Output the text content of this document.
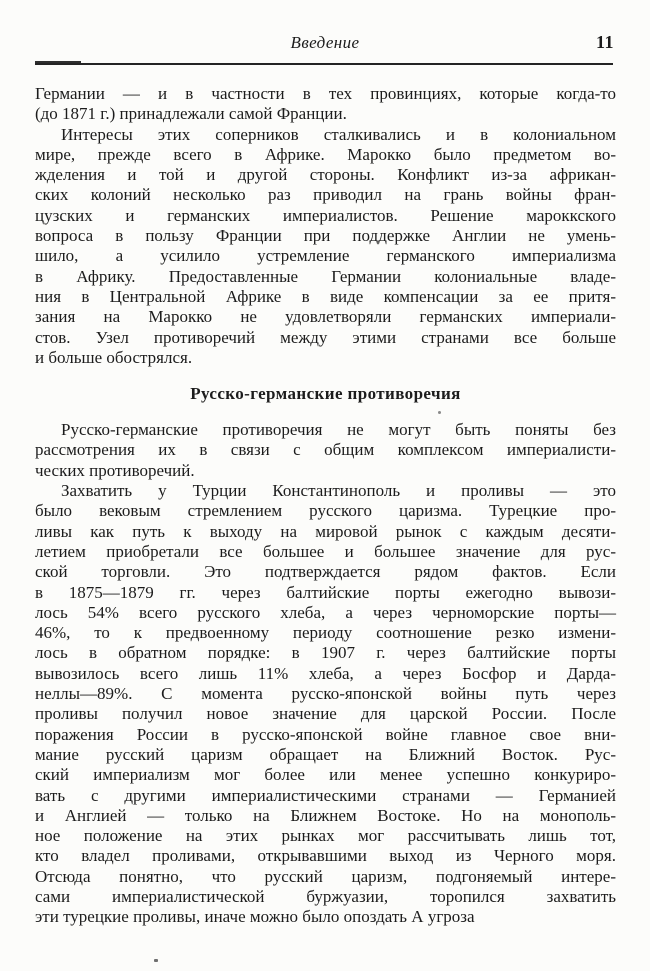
Введение	11
Германии — и в частности в тех провинциях, которые когда-то
(до 1871 г.) принадлежали самой Франции.
Интересы этих соперников сталкивались и в колониальном
мире, прежде всего в Африке. Марокко было предметом во-
жделения и той и другой стороны. Конфликт из-за африкан-
ских колоний несколько раз приводил на грань войны фран-
цузских и германских империалистов. Решение мароккского
вопроса в пользу Франции при поддержке Англии не умень-
шило, а усилило устремление германского империализма
в Африку. Предоставленные Германии колониальные владе-
ния в Центральной Африке в виде компенсации за ее притя-
зания на Марокко не удовлетворяли германских империали-
стов. Узел противоречий между этими странами все больше
и больше обострялся.
Русско-германские противоречия
Русско-германские противоречия не могут быть поняты без
рассмотрения их в связи с общим комплексом империалисти-
ческих противоречий.
Захватить у Турции Константинополь и проливы — это
было вековым стремлением русского царизма. Турецкие про-
ливы как путь к выходу на мировой рынок с каждым десяти-
летием приобретали все большее и большее значение для рус-
ской торговли. Это подтверждается рядом фактов. Если
в 1875—1879 гг. через балтийские порты ежегодно вывози-
лось 54% всего русского хлеба, а через черноморские порты—
46%, то к предвоенному периоду соотношение резко измени-
лось в обратном порядке: в 1907 г. через балтийские порты
вывозилось всего лишь 11% хлеба, а через Босфор и Дарда-
неллы—89%. С момента русско-японской войны путь через
проливы получил новое значение для царской России. После
поражения России в русско-японской войне главное свое вни-
мание русский царизм обращает на Ближний Восток. Рус-
ский империализм мог более или менее успешно конкуриро-
вать с другими империалистическими странами — Германией
и Англией — только на Ближнем Востоке. Но на монополь-
ное положение на этих рынках мог рассчитывать лишь тот,
кто владел проливами, открывавшими выход из Черного моря.
Отсюда понятно, что русский царизм, подгоняемый интере-
сами империалистической буржуазии, торопился захватить
эти турецкие проливы, иначе можно было опоздать А угроза
